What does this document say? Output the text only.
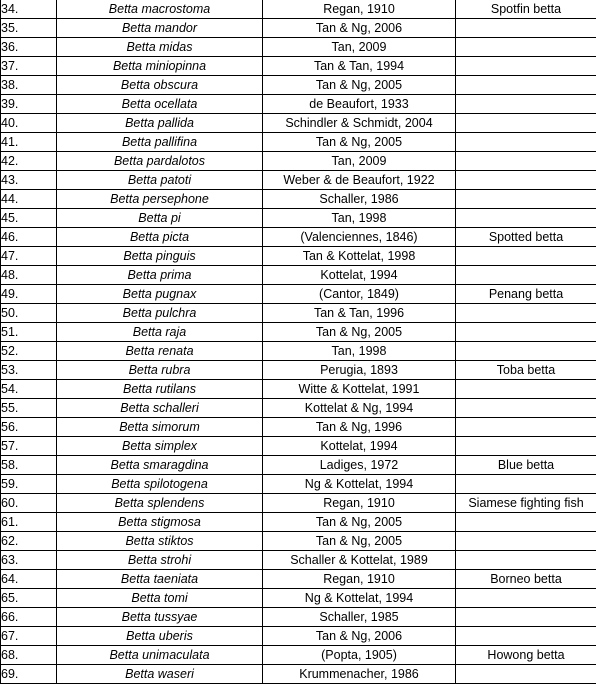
34.	Betta macrostoma	Regan, 1910	Spotfin betta
35.	Betta mandor	Tan & Ng, 2006	
36.	Betta midas	Tan, 2009	
37.	Betta miniopinna	Tan & Tan, 1994	
38.	Betta obscura	Tan & Ng, 2005	
39.	Betta ocellata	de Beaufort, 1933	
40.	Betta pallida	Schindler & Schmidt, 2004	
41.	Betta pallifina	Tan & Ng, 2005	
42.	Betta pardalotos	Tan, 2009	
43.	Betta patoti	Weber & de Beaufort, 1922	
44.	Betta persephone	Schaller, 1986	
45.	Betta pi	Tan, 1998	
46.	Betta picta	(Valenciennes, 1846)	Spotted betta
47.	Betta pinguis	Tan & Kottelat, 1998	
48.	Betta prima	Kottelat, 1994	
49.	Betta pugnax	(Cantor, 1849)	Penang betta
50.	Betta pulchra	Tan & Tan, 1996	
51.	Betta raja	Tan & Ng, 2005	
52.	Betta renata	Tan, 1998	
53.	Betta rubra	Perugia, 1893	Toba betta
54.	Betta rutilans	Witte & Kottelat, 1991	
55.	Betta schalleri	Kottelat & Ng, 1994	
56.	Betta simorum	Tan & Ng, 1996	
57.	Betta simplex	Kottelat, 1994	
58.	Betta smaragdina	Ladiges, 1972	Blue betta
59.	Betta spilotogena	Ng & Kottelat, 1994	
60.	Betta splendens	Regan, 1910	Siamese fighting fish
61.	Betta stigmosa	Tan & Ng, 2005	
62.	Betta stiktos	Tan & Ng, 2005	
63.	Betta strohi	Schaller & Kottelat, 1989	
64.	Betta taeniata	Regan, 1910	Borneo betta
65.	Betta tomi	Ng & Kottelat, 1994	
66.	Betta tussyae	Schaller, 1985	
67.	Betta uberis	Tan & Ng, 2006	
68.	Betta unimaculata	(Popta, 1905)	Howong betta
69.	Betta waseri	Krummenacher, 1986	
